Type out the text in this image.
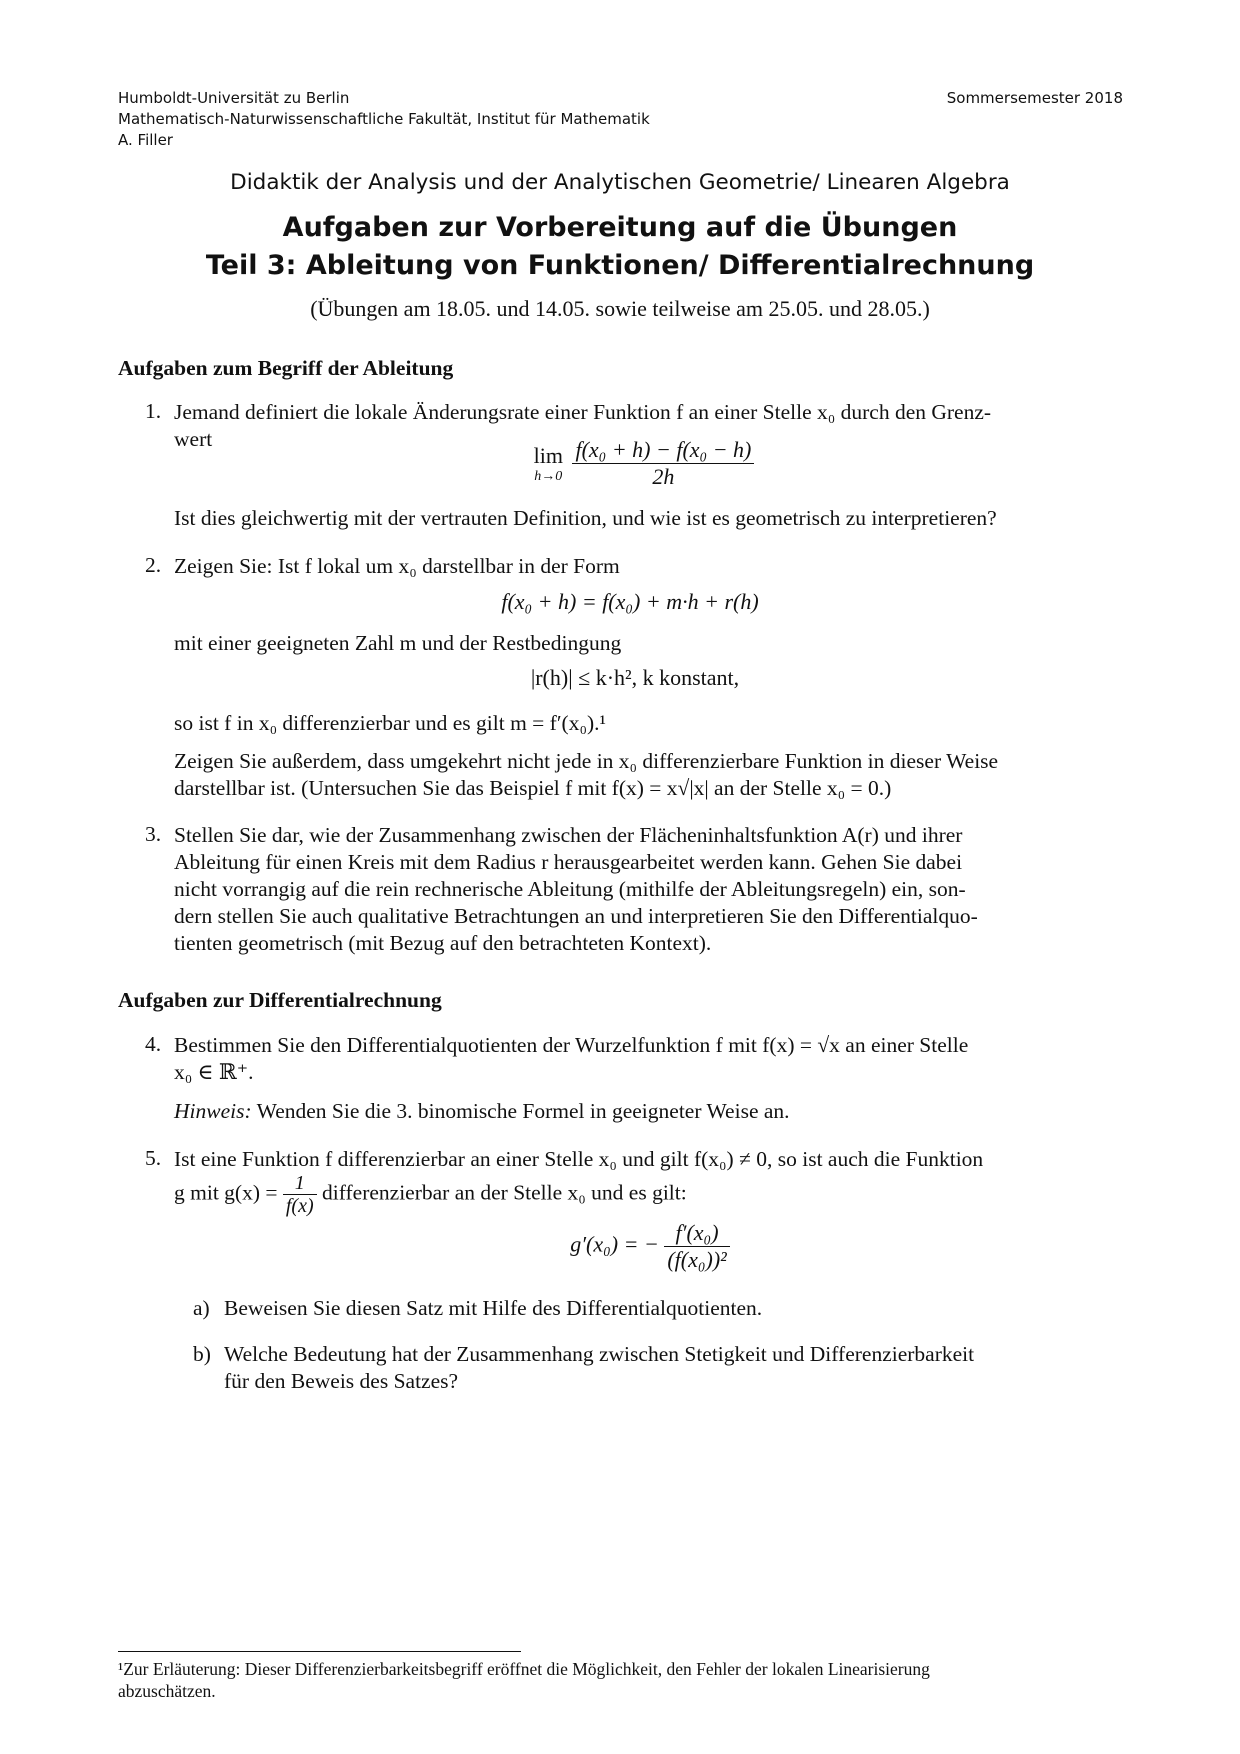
Humboldt-Universität zu Berlin
Mathematisch-Naturwissenschaftliche Fakultät, Institut für Mathematik
A. Filler
Sommersemester 2018
Didaktik der Analysis und der Analytischen Geometrie/ Linearen Algebra
Aufgaben zur Vorbereitung auf die Übungen
Teil 3: Ableitung von Funktionen/ Differentialrechnung
(Übungen am 18.05. und 14.05. sowie teilweise am 25.05. und 28.05.)
Aufgaben zum Begriff der Ableitung
1. Jemand definiert die lokale Änderungsrate einer Funktion f an einer Stelle x₀ durch den Grenz-
wert
lim
h→0
$\frac{\text{f(x₀ + h) − f(x₀ − h)}}{2h}$
Ist dies gleichwertig mit der vertrauten Definition, und wie ist es geometrisch zu interpretieren?
2. Zeigen Sie: Ist f lokal um x₀ darstellbar in der Form
f(x₀ + h) = f(x₀) + m·h + r(h)
mit einer geeigneten Zahl m und der Restbedingung
|r(h)| ≤ k·h², k konstant,
so ist f in x₀ differenzierbar und es gilt m = f′(x₀).¹
Zeigen Sie außerdem, dass umgekehrt nicht jede in x₀ differenzierbare Funktion in dieser Weise
darstellbar ist. (Untersuchen Sie das Beispiel f mit f(x) = x√|x| an der Stelle x₀ = 0.)
3. Stellen Sie dar, wie der Zusammenhang zwischen der Flächeninhaltsfunktion A(r) und ihrer
Ableitung für einen Kreis mit dem Radius r herausgearbeitet werden kann. Gehen Sie dabei
nicht vorrangig auf die rein rechnerische Ableitung (mithilfe der Ableitungsregeln) ein, son-
dern stellen Sie auch qualitative Betrachtungen an und interpretieren Sie den Differentialquo-
tienten geometrisch (mit Bezug auf den betrachteten Kontext).
Aufgaben zur Differentialrechnung
4. Bestimmen Sie den Differentialquotienten der Wurzelfunktion f mit f(x) = √x an einer Stelle
x₀ ∈ ℝ⁺.
Hinweis: Wenden Sie die 3. binomische Formel in geeigneter Weise an.
5. Ist eine Funktion f differenzierbar an einer Stelle x₀ und gilt f(x₀) ≠ 0, so ist auch die Funktion
g mit $g(x) = \frac{1}{f(x)}$ differenzierbar an der Stelle x₀ und es gilt:
g′(x₀) = − $\frac{\text{f′(x₀)}}{\text{(f(x₀))²}}$
a) Beweisen Sie diesen Satz mit Hilfe des Differentialquotienten.
b) Welche Bedeutung hat der Zusammenhang zwischen Stetigkeit und Differenzierbarkeit
für den Beweis des Satzes?
¹Zur Erläuterung: Dieser Differenzierbarkeitsbegriff eröffnet die Möglichkeit, den Fehler der lokalen Linearisierung
abzuschätzen.
